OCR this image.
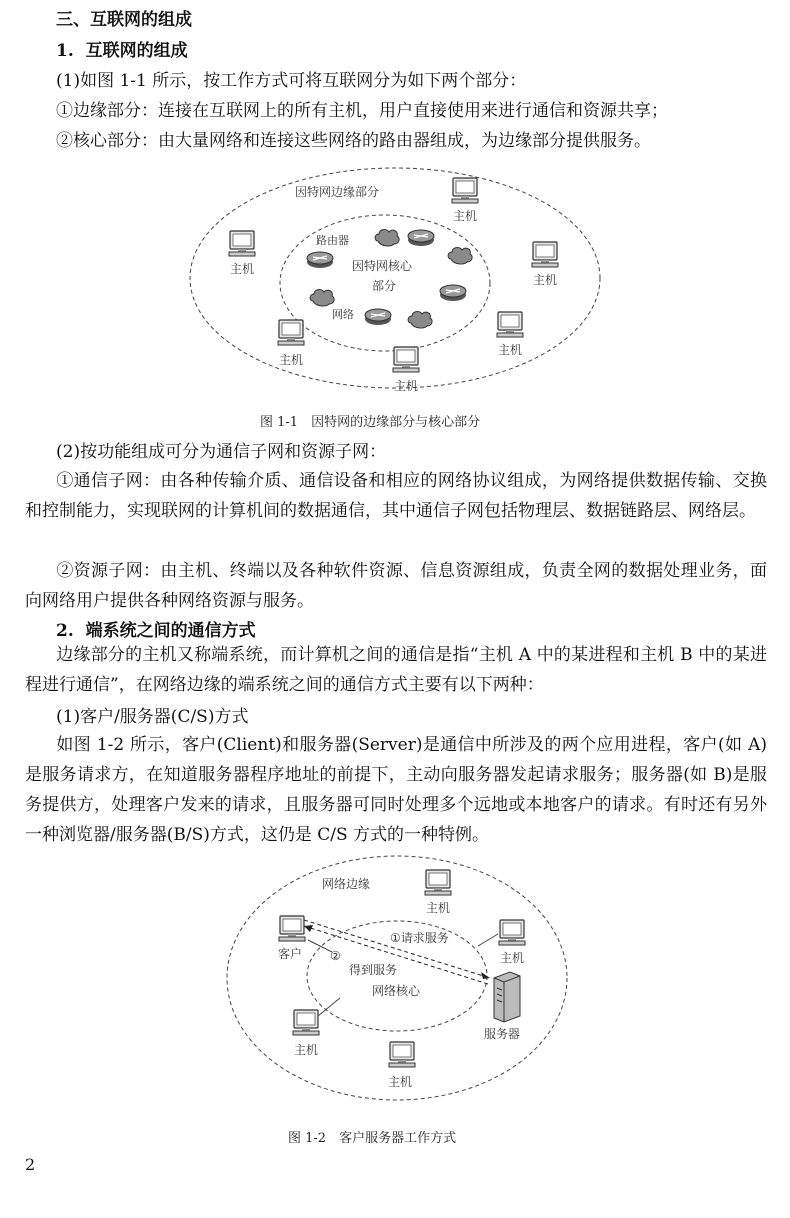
三、互联网的组成
1. 互联网的组成
(1)如图 1-1 所示，按工作方式可将互联网分为如下两个部分：
①边缘部分：连接在互联网上的所有主机，用户直接使用来进行通信和资源共享；
②核心部分：由大量网络和连接这些网络的路由器组成，为边缘部分提供服务。
因特网边缘部分
因特网核心
部分
路由器
网络
主机
主机
主机
主机
主机
主机
图 1-1　因特网的边缘部分与核心部分
(2)按功能组成可分为通信子网和资源子网：
①通信子网：由各种传输介质、通信设备和相应的网络协议组成，为网络提供数据传输、交换和控制能力，实现联网的计算机间的数据通信，其中通信子网包括物理层、数据链路层、网络层。
②资源子网：由主机、终端以及各种软件资源、信息资源组成，负责全网的数据处理业务，面向网络用户提供各种网络资源与服务。
2. 端系统之间的通信方式
边缘部分的主机又称端系统，而计算机之间的通信是指“主机 A 中的某进程和主机 B 中的某进程进行通信”，在网络边缘的端系统之间的通信方式主要有以下两种：
(1)客户/服务器(C/S)方式
如图 1-2 所示，客户(Client)和服务器(Server)是通信中所涉及的两个应用进程，客户(如 A)是服务请求方，在知道服务器程序地址的前提下，主动向服务器发起请求服务；服务器(如 B)是服务提供方，处理客户发来的请求，且服务器可同时处理多个远地或本地客户的请求。有时还有另外一种浏览器/服务器(B/S)方式，这仍是 C/S 方式的一种特例。
网络边缘
网络核心
①请求服务
②
得到服务
客户
主机
主机
主机
主机
服务器
图 1-2　客户服务器工作方式
2
